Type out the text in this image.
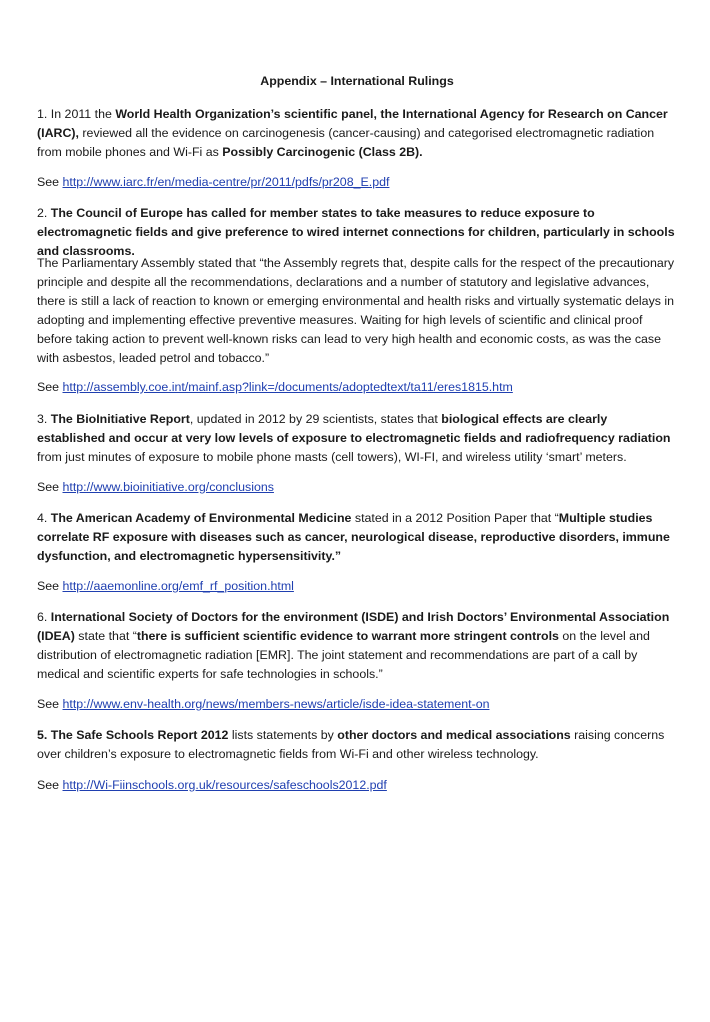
Appendix – International Rulings

1. In 2011 the World Health Organization’s scientific panel, the International Agency for Research on Cancer (IARC), reviewed all the evidence on carcinogenesis (cancer-causing) and categorised electromagnetic radiation from mobile phones and Wi-Fi as Possibly Carcinogenic (Class 2B).

See http://www.iarc.fr/en/media-centre/pr/2011/pdfs/pr208_E.pdf

2. The Council of Europe has called for member states to take measures to reduce exposure to electromagnetic fields and give preference to wired internet connections for children, particularly in schools and classrooms.

The Parliamentary Assembly stated that “the Assembly regrets that, despite calls for the respect of the precautionary principle and despite all the recommendations, declarations and a number of statutory and legislative advances, there is still a lack of reaction to known or emerging environmental and health risks and virtually systematic delays in adopting and implementing effective preventive measures. Waiting for high levels of scientific and clinical proof before taking action to prevent well-known risks can lead to very high health and economic costs, as was the case with asbestos, leaded petrol and tobacco.”

See http://assembly.coe.int/mainf.asp?link=/documents/adoptedtext/ta11/eres1815.htm

3. The BioInitiative Report, updated in 2012 by 29 scientists, states that biological effects are clearly established and occur at very low levels of exposure to electromagnetic fields and radiofrequency radiation from just minutes of exposure to mobile phone masts (cell towers), WI-FI, and wireless utility ‘smart’ meters.

See http://www.bioinitiative.org/conclusions

4. The American Academy of Environmental Medicine stated in a 2012 Position Paper that “Multiple studies correlate RF exposure with diseases such as cancer, neurological disease, reproductive disorders, immune dysfunction, and electromagnetic hypersensitivity.”

See http://aaemonline.org/emf_rf_position.html

6. International Society of Doctors for the environment (ISDE) and Irish Doctors’ Environmental Association (IDEA) state that “there is sufficient scientific evidence to warrant more stringent controls on the level and distribution of electromagnetic radiation [EMR]. The joint statement and recommendations are part of a call by medical and scientific experts for safe technologies in schools.”

See http://www.env-health.org/news/members-news/article/isde-idea-statement-on

5. The Safe Schools Report 2012 lists statements by other doctors and medical associations raising concerns over children’s exposure to electromagnetic fields from Wi-Fi and other wireless technology.

See http://Wi-Fiinschools.org.uk/resources/safeschools2012.pdf
